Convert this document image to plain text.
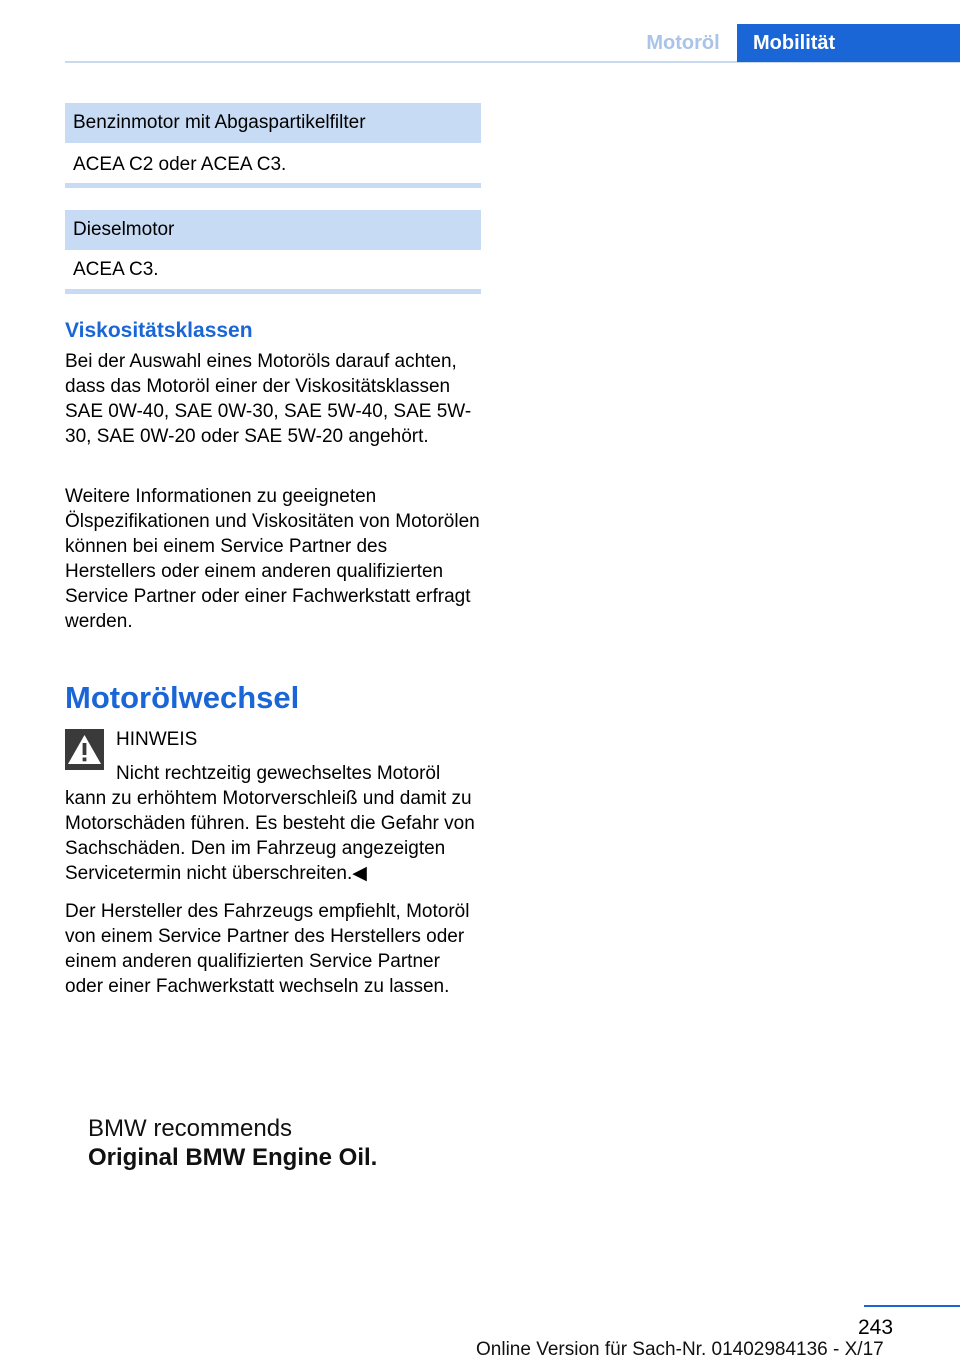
Motoröl	Mobilität
Benzinmotor mit Abgaspartikelfilter
ACEA C2 oder ACEA C3.
Dieselmotor
ACEA C3.
Viskositätsklassen

Bei der Auswahl eines Motoröls darauf achten, dass das Motoröl einer der Viskositätsklassen SAE 0W-40, SAE 0W-30, SAE 5W-40, SAE 5W-30, SAE 0W-20 oder SAE 5W-20 angehört.

Weitere Informationen zu geeigneten Ölspezifikationen und Viskositäten von Motorölen können bei einem Service Partner des Herstellers oder einem anderen qualifizierten Service Partner oder einer Fachwerkstatt erfragt werden.

Motorölwechsel
HINWEIS

Nicht rechtzeitig gewechseltes Motoröl kann zu erhöhtem Motorverschleiß und damit zu Motorschäden führen. Es besteht die Gefahr von Sachschäden. Den im Fahrzeug angezeigten Servicetermin nicht überschreiten.◀

Der Hersteller des Fahrzeugs empfiehlt, Motoröl von einem Service Partner des Herstellers oder einem anderen qualifizierten Service Partner oder einer Fachwerkstatt wechseln zu lassen.

BMW recommends
Original BMW Engine Oil.
243
Online Version für Sach-Nr. 01402984136 - X/17
